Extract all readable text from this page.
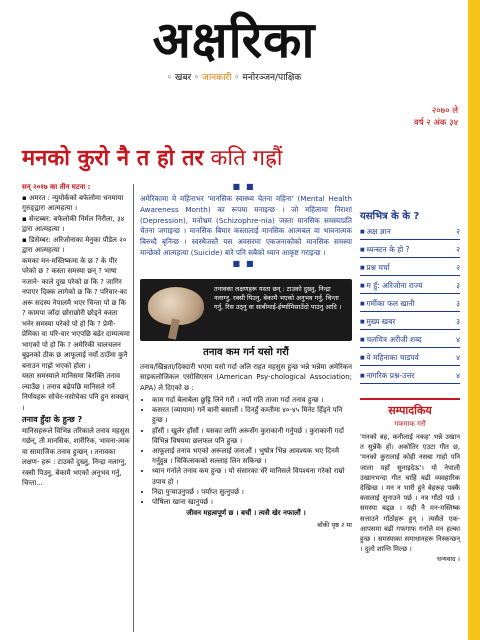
अक्षरिका
◦ खबर ◦ जानकारी ◦ मनोरञ्जन/पाक्षिक
२०७० ले
वर्ष २ अंक ३४
मनको कुरो नै त हो तर कति गह्रौं

सन् २०१७ का तीन घटना :

▪ अमरत : न्युयोर्कको बफेलोमा धनमाया गुरुङ्द्वारा आत्महत्या ।

▪ सेन्टब्बर: बफेलोकी निर्मल निरौला, ३४ द्वारा आत्महत्या ।

▪ डिसेम्बर: अरिजोनाका मेनुका पौडेल २० द्वारा आत्महत्या ।

कमका मन-मस्तिष्कमा के छ ? के पीर परेको छ ? कस्ता समस्या छन् ? भाषा नजाने- काले दुख परेको छ कि ? जागिर नपाएर दिक्क लागेको छ कि ? परिवार-का अरू सदस्य नेपालमै भएर चिन्ता पो छ कि ? कामपा जाँदा छोराछोरी छोड्ने कस्ता भनेर समस्या परेको पो हो कि ? प्रेमी-प्रेमिका वा परि-वार भएपछि बढेर दाम्पत्यमा भाएको पो हो कि ? अमेरिकी चालचलन बुझ्नको ठीक छ आफूलाई नयाँ ठाउँमा कुनै बनाउन गाह्रो भएको होला ।

यस्ता समस्याले मानिसमा बिरक्ति तनाव ल्याउँछ । तनाव बढेपछि मानिसले गर्ने निर्णयहरू सोचेर-नसोचेका पनि हुन सक्छन् ।

तनाव हुँदा के हुन्छ ?

मानिसहरूले विभिन्न तरिकाले तनाव महसुस गर्छन्, ती मानसिक, शारीरिक, भावना-त्मक वा सामाजिक तनाव हुन्छन् । तनावका लक्षण- हरू : टाउको दुख्नु, निन्द्रा नलाग्नु, रक्सी पिउनु, बेकामै भएको अनुभव गर्नु, चिन्ता...

■■

अमेरिकामा मे महिनाभर 'मानसिक स्वास्थ्य चेतना महिना' (Mental Health Awareness Month) का रूपमा मनाइन्छ । जो महिलामा निराशा (Depression), मनोभ्रम (Schizophre-nia) जस्ता मानसिक समस्याप्रति चेतना जगाइन्छ । मानसिक बिमार कस्तालाई मानसिक आत्मबल वा भावनात्मक बिरुध्दै बृनिन्छ । स्वस्थैजस्तै यस अवसरमा एकजनाकोको मानसिक समस्या मान्छेको आत्महत्या (Suicide) बारे पनि सबैको ध्यान आकृष्ट गराइन्छ ।

■■
तनावका लक्षणहरू यस्ता छन् : टाउको दुख्नु, निन्द्रा नलाग्नु, रक्सी पिउनु, बेकामै भएको अनुभव गर्नु, चिन्ता गर्नु, रिस उठ्नु वा साबीमाई-ईर्ष्यामिसाउँदो पाउनु आदि ।
तनाव कम गर्न यसो गरौं

तनाव/खिन्नता/दिक्दारी भएमा यसो गर्दा अलि राहत महसुस हुन्छ भन्ने भन्नेमा अमेरिकन साइकलोजिकल एसोसिएसन (American Psy-chological Association; APA) ले दिएको छ :

• काम गर्दा बेलाबेला छुट्टि लिने गरौं । नयाँ गति ताजा गर्दा तनाव हुन्छ ।
• कसरत (व्यायाम) गर्ने बानी बसालौं । दिनहुँ कम्तीमा ४०-४५ मिनेट हिँड्ने पनि हुन्छ ।
• हाँसौं । खुलेर हाँसौं । यसका लागि अरूसँग कुराकानी गर्नुपर्छ । कुराकानी गर्दा विभिन्न विषयमा छलफल पनि हुन्छ ।
• आफूलाई तनाव भएको अरूलाई जनाऔं । भुषोत्र भिन्न आवश्यक भए दिनमै गर्नुहुन्न । चिकित्सकको सल्लाह लिन सकिन्छ ।
• ध्यान गर्नाले तनाव कम हुन्छ । यो संसारका धेरै मानिसले विपश्यना गरेको राम्रो उपाय हो ।
• निद्रा पुऱ्याउनुपर्छ । पर्याप्त सुत्नुपर्छ ।
• पोषिला खाना खानुपर्छ ।
जीवन महत्वपूर्ण छ । बचौं । त्यसै खेर नफालौं ।
बाँकी पृष्ठ २ मा
यसभित्र के के ?
■ अक्ष ज्ञान	२
■ ध्यन्स्टन के हो ?	२
■ प्रश्न चर्चा	२
■ म हुँ: अरिजोना राज्य	३
■ गर्मीका फल खानी	३
■ मुख्य खबर	३
■ चलचित्र अरीजी शब्द	४
■ ये महिनाका चाडपर्व	४
■ नागरिक प्रश्न-उत्तर	४
सम्पादकिय
गफगाफ गरौं
'मनको बह, कनीलाई नकह' भन्ने उखान त सुन्नेकै हो। अकोतिर एउटा गीत छ, 'मनको कुरालाई कोही नसबा गाहो पनि जाला यहाँ सुनाइदेऊ'। यो नेपाली उखानभन्दा गीत चाहिं बढी व्यवहारिक देखिन्छ । मन न भारी हुने बेहरूह पक्कै कसलाई सुनाउने पर्छ । नत्र गाँठो पर्छ । समस्या बढ्छ । यही नै मन-मस्तिष्क सत्ताउने गाँठोहरू हुन् । त्यसैले एक-आपसमा बढी गफगाफ गर्नाले मन हल्का हुन्छ । समस्याका समाधानहरू निस्कन्छन् । दुलो शान्ति मिल्छ ।
धन्यवाद ।
